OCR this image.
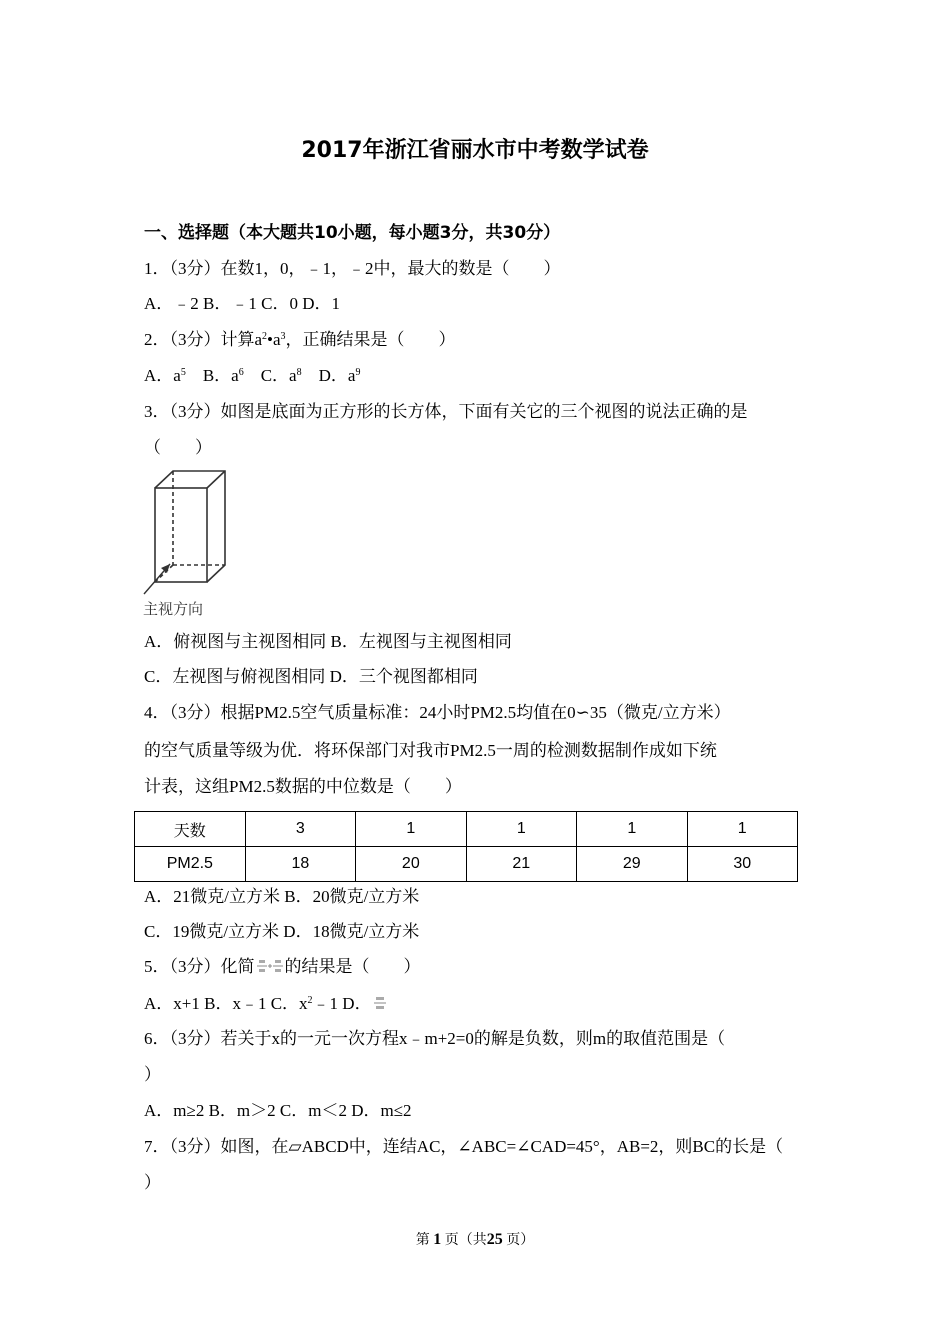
2017年浙江省丽水市中考数学试卷
一、选择题（本大题共10小题，每小题3分，共30分）
1．（3分）在数1，0，﹣1，﹣2中，最大的数是（　　）
A．﹣2 B．﹣1 C．0 D．1
2．（3分）计算$a^2•a^3$，正确结果是（　　）
A．$a^5$　B．$a^6$　C．$a^8$　D．$a^9$
3．（3分）如图是底面为正方形的长方体，下面有关它的三个视图的说法正确的是
（　　）
主视方向
A．俯视图与主视图相同 B．左视图与主视图相同
C．左视图与俯视图相同 D．三个视图都相同
4．（3分）根据PM2.5空气质量标准：24小时PM2.5均值在0∽35（微克/立方米）
的空气质量等级为优．将环保部门对我市PM2.5一周的检测数据制作成如下统
计表，这组PM2.5数据的中位数是（　　）
天数	3	1	1	1	1
PM2.5	18	20	21	29	30
A．21微克/立方米 B．20微克/立方米
C．19微克/立方米 D．18微克/立方米
5．（3分）化简 的结果是（　　）
A．x+1 B．x﹣1 C．$x^2﹣1$ D．
6．（3分）若关于x的一元一次方程x﹣m+2=0的解是负数，则m的取值范围是（
）
A．m≥2 B．m＞2 C．m＜2 D．m≤2
7．（3分）如图，在▱ABCD中，连结AC，∠ABC=∠CAD=45°，AB=2，则BC的长是（
）
第 1 页（共25 页）
